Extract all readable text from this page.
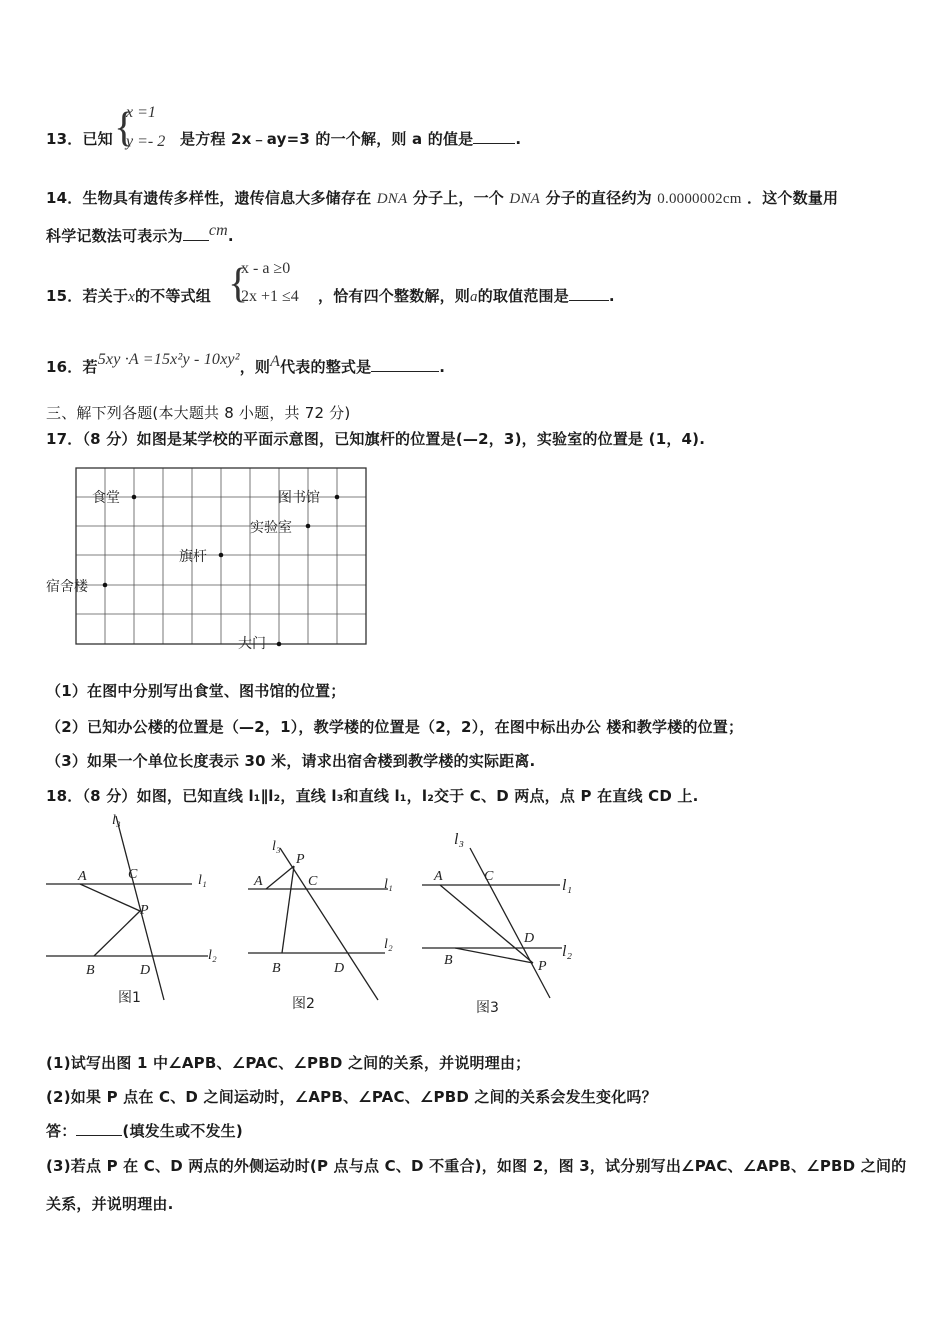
13．已知 {
x =1
y =- 2 是方程 2x﹣ay=3 的一个解，则 a 的值是	.
14．生物具有遗传多样性，遗传信息大多储存在 DNA 分子上，一个 DNA 分子的直径约为 0.0000002cm ．这个数量用
科学记数法可表示为 cm.
15．若关于x的不等式组 {
x - a ≥0
2x +1 ≤4 ，恰有四个整数解，则a的取值范围是	.
16．若5xy ·A =15x²y - 10xy²，则A代表的整式是	.
三、解下列各题(本大题共 8 小题，共 72 分)
17．（8 分）如图是某学校的平面示意图，已知旗杆的位置是(—2，3)，实验室的位置是 (1，4).
食堂	图书馆
实验室
旗杆
宿舍楼
大门
（1）在图中分别写出食堂、图书馆的位置；
（2）已知办公楼的位置是（—2，1），教学楼的位置是（2，2），在图中标出办公 楼和教学楼的位置；
（3）如果一个单位长度表示 30 米，请求出宿舍楼到教学楼的实际距离.
18．（8 分）如图，已知直线 l₁∥l₂，直线 l₃和直线 l₁，l₂交于 C、D 两点，点 P 在直线 CD 上.
A	C
P
B	D
l₁
l₂
l₃
A	C
P
B	D
l₁
l₂
l₃
A	C
D
P
B
l₁
l₂
l₃
图1	图2	图3
(1)试写出图 1 中∠APB、∠PAC、∠PBD 之间的关系，并说明理由；
(2)如果 P 点在 C、D 之间运动时，∠APB、∠PAC、∠PBD 之间的关系会发生变化吗？
答：	(填发生或不发生)
(3)若点 P 在 C、D 两点的外侧运动时(P 点与点 C、D 不重合)，如图 2，图 3，试分别写出∠PAC、∠APB、∠PBD 之间的
关系，并说明理由.
